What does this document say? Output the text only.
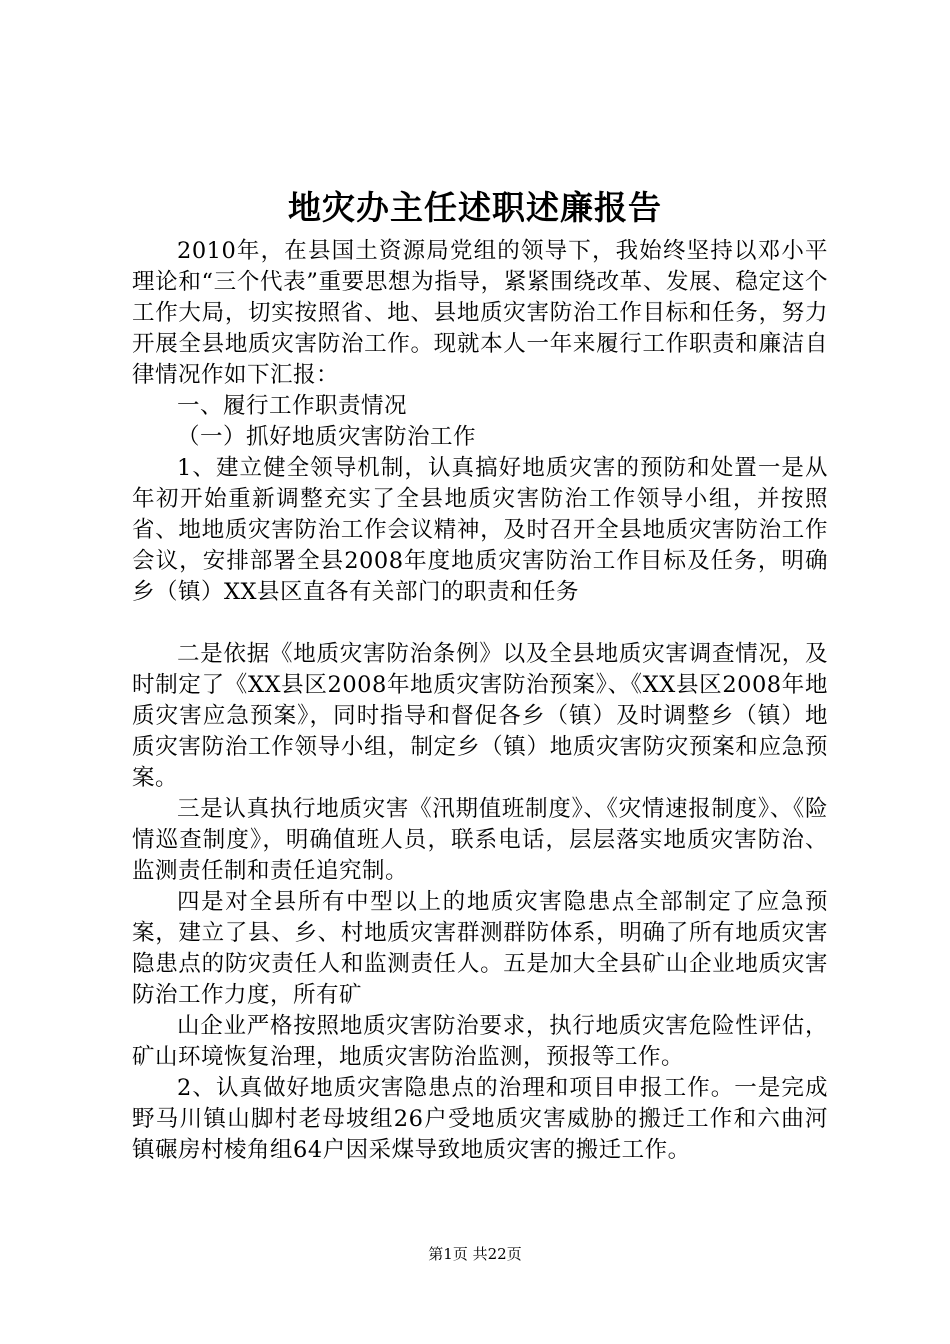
地灾办主任述职述廉报告

2010年，在县国土资源局党组的领导下，我始终坚持以邓小平理论和“三个代表”重要思想为指导，紧紧围绕改革、发展、稳定这个工作大局，切实按照省、地、县地质灾害防治工作目标和任务，努力开展全县地质灾害防治工作。现就本人一年来履行工作职责和廉洁自律情况作如下汇报：

一、履行工作职责情况

（一）抓好地质灾害防治工作

1、建立健全领导机制，认真搞好地质灾害的预防和处置一是从年初开始重新调整充实了全县地质灾害防治工作领导小组，并按照省、地地质灾害防治工作会议精神，及时召开全县地质灾害防治工作会议，安排部署全县2008年度地质灾害防治工作目标及任务，明确乡（镇）XX县区直各有关部门的职责和任务

二是依据《地质灾害防治条例》以及全县地质灾害调查情况，及时制定了《XX县区2008年地质灾害防治预案》、《XX县区2008年地质灾害应急预案》，同时指导和督促各乡（镇）及时调整乡（镇）地质灾害防治工作领导小组，制定乡（镇）地质灾害防灾预案和应急预案。

三是认真执行地质灾害《汛期值班制度》、《灾情速报制度》、《险情巡查制度》，明确值班人员，联系电话，层层落实地质灾害防治、监测责任制和责任追究制。

四是对全县所有中型以上的地质灾害隐患点全部制定了应急预案，建立了县、乡、村地质灾害群测群防体系，明确了所有地质灾害隐患点的防灾责任人和监测责任人。五是加大全县矿山企业地质灾害防治工作力度，所有矿

山企业严格按照地质灾害防治要求，执行地质灾害危险性评估，矿山环境恢复治理，地质灾害防治监测，预报等工作。

2、认真做好地质灾害隐患点的治理和项目申报工作。一是完成野马川镇山脚村老母坡组26户受地质灾害威胁的搬迁工作和六曲河镇碾房村棱角组64户因采煤导致地质灾害的搬迁工作。

第1页 共22页
